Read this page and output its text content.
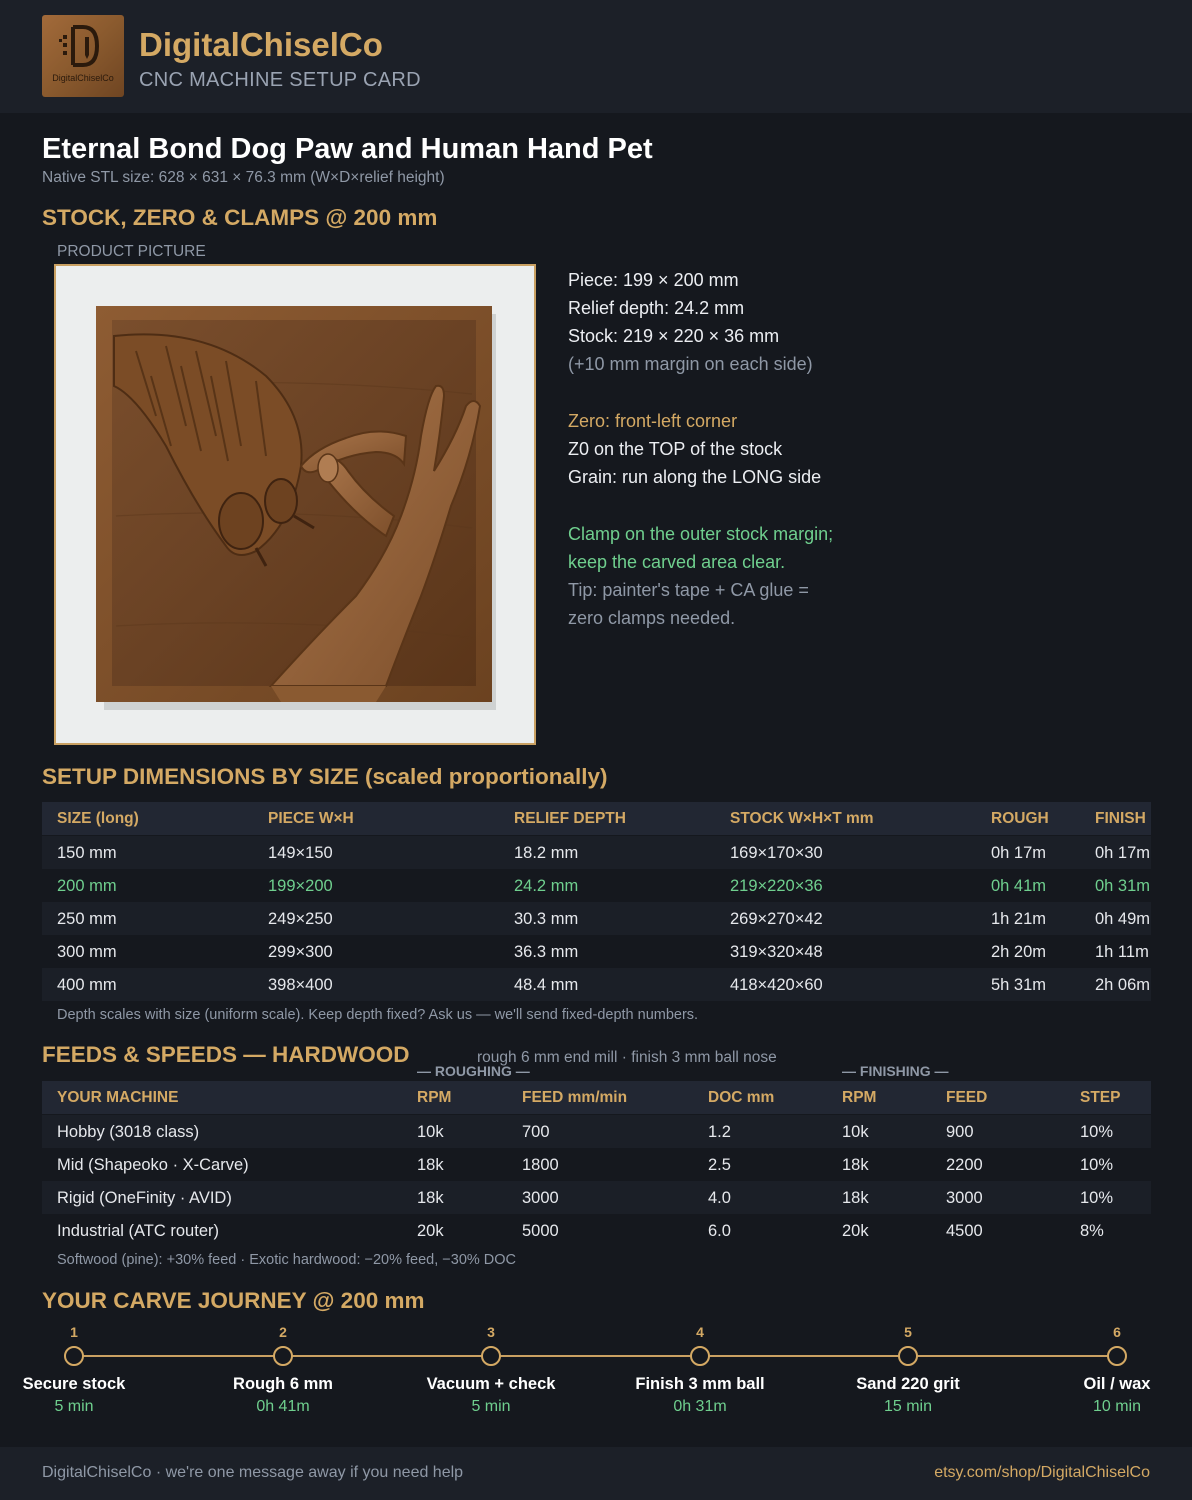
DigitalChiselCo
DigitalChiselCo
CNC MACHINE SETUP CARD
Eternal Bond Dog Paw and Human Hand Pet
Native STL size: 628 × 631 × 76.3 mm (W×D×relief height)
STOCK, ZERO & CLAMPS @ 200 mm
PRODUCT PICTURE
Piece: 199 × 200 mm
Relief depth: 24.2 mm
Stock: 219 × 220 × 36 mm
(+10 mm margin on each side)
Zero: front-left corner
Z0 on the TOP of the stock
Grain: run along the LONG side
Clamp on the outer stock margin;
keep the carved area clear.
Tip: painter's tape + CA glue =
zero clamps needed.
SETUP DIMENSIONS BY SIZE (scaled proportionally)
SIZE (long)	PIECE W×H	RELIEF DEPTH	STOCK W×H×T mm	ROUGH	FINISH
150 mm	149×150	18.2 mm	169×170×30	0h 17m	0h 17m
200 mm	199×200	24.2 mm	219×220×36	0h 41m	0h 31m
250 mm	249×250	30.3 mm	269×270×42	1h 21m	0h 49m
300 mm	299×300	36.3 mm	319×320×48	2h 20m	1h 11m
400 mm	398×400	48.4 mm	418×420×60	5h 31m	2h 06m
Depth scales with size (uniform scale). Keep depth fixed? Ask us — we'll send fixed-depth numbers.
FEEDS & SPEEDS — HARDWOOD	rough 6 mm end mill · finish 3 mm ball nose
— ROUGHING —	— FINISHING —
YOUR MACHINE	RPM	FEED mm/min	DOC mm	RPM	FEED	STEP
Hobby (3018 class)	10k	700	1.2	10k	900	10%
Mid (Shapeoko · X-Carve)	18k	1800	2.5	18k	2200	10%
Rigid (OneFinity · AVID)	18k	3000	4.0	18k	3000	10%
Industrial (ATC router)	20k	5000	6.0	20k	4500	8%
Softwood (pine): +30% feed · Exotic hardwood: −20% feed, −30% DOC
YOUR CARVE JOURNEY @ 200 mm
1
Secure stock
5 min
2
Rough 6 mm
0h 41m
3
Vacuum + check
5 min
4
Finish 3 mm ball
0h 31m
5
Sand 220 grit
15 min
6
Oil / wax
10 min
DigitalChiselCo · we're one message away if you need help	etsy.com/shop/DigitalChiselCo
